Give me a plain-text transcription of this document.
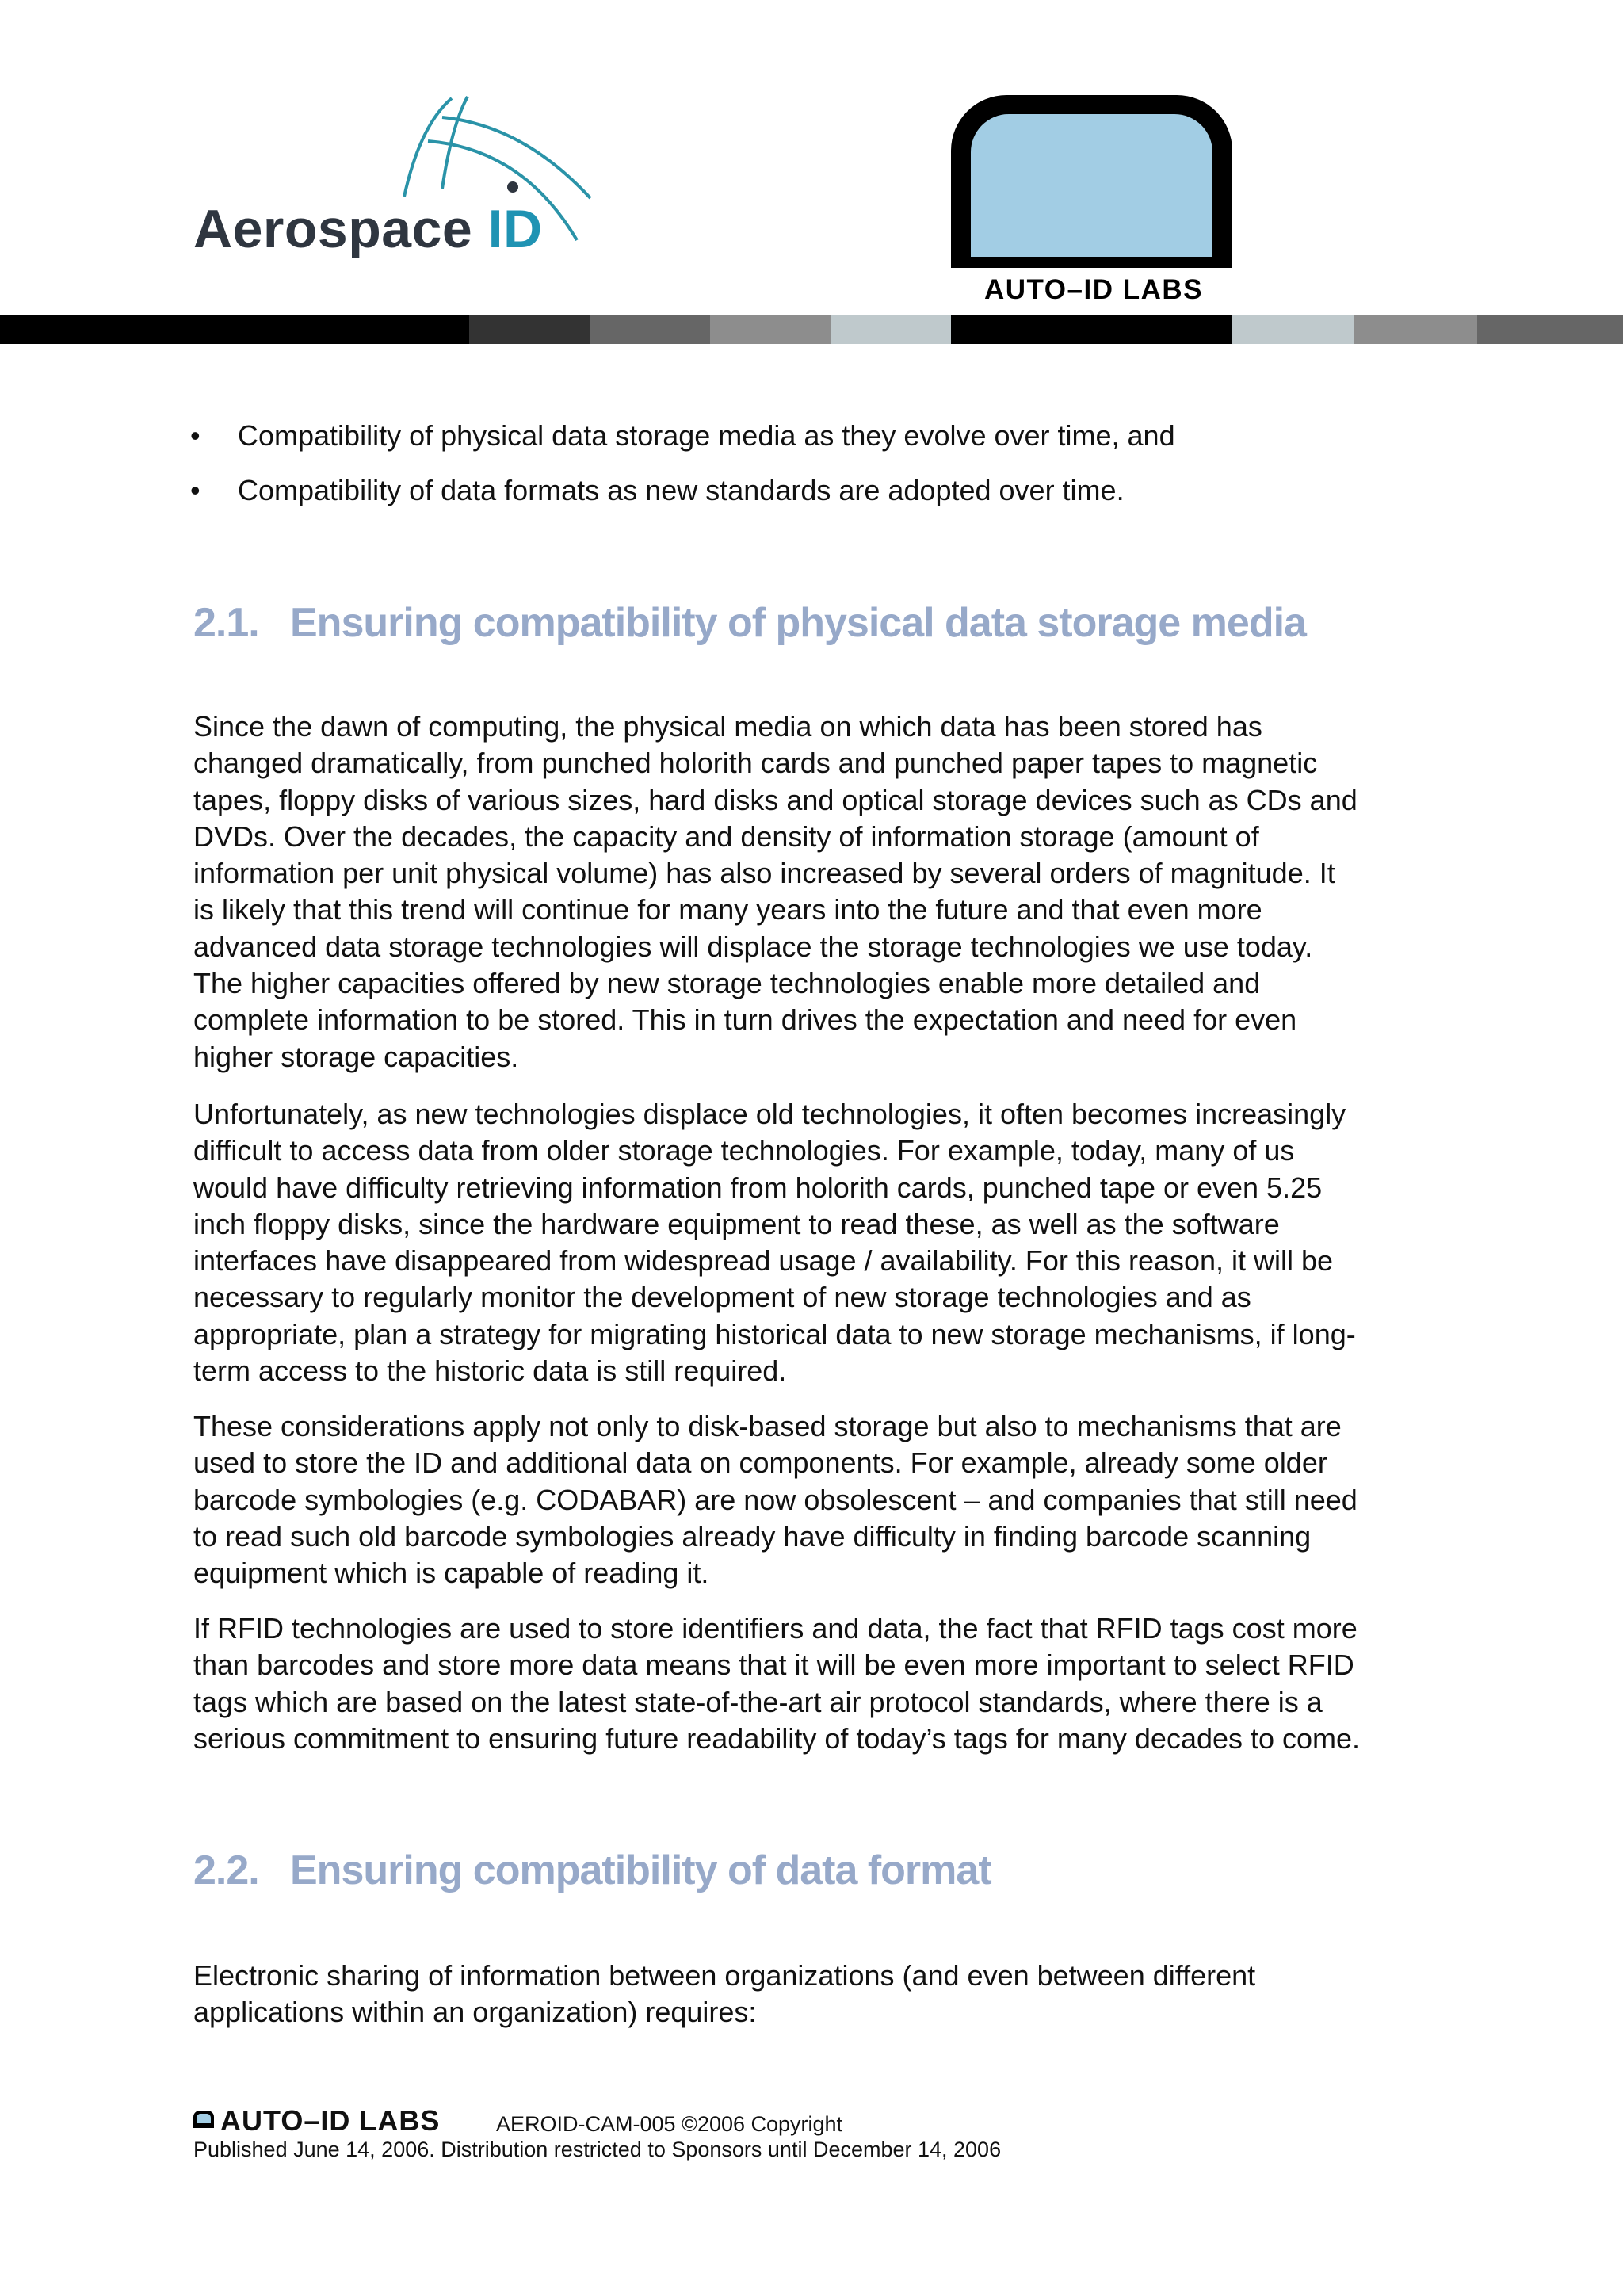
Aerospace ID
AUTO–ID LABS
• Compatibility of physical data storage media as they evolve over time, and
• Compatibility of data formats as new standards are adopted over time.
2.1. Ensuring compatibility of physical data storage media

Since the dawn of computing, the physical media on which data has been stored has
changed dramatically, from punched holorith cards and punched paper tapes to magnetic
tapes, floppy disks of various sizes, hard disks and optical storage devices such as CDs and
DVDs. Over the decades, the capacity and density of information storage (amount of
information per unit physical volume) has also increased by several orders of magnitude. It
is likely that this trend will continue for many years into the future and that even more
advanced data storage technologies will displace the storage technologies we use today.
The higher capacities offered by new storage technologies enable more detailed and
complete information to be stored. This in turn drives the expectation and need for even
higher storage capacities.

Unfortunately, as new technologies displace old technologies, it often becomes increasingly
difficult to access data from older storage technologies. For example, today, many of us
would have difficulty retrieving information from holorith cards, punched tape or even 5.25
inch floppy disks, since the hardware equipment to read these, as well as the software
interfaces have disappeared from widespread usage / availability. For this reason, it will be
necessary to regularly monitor the development of new storage technologies and as
appropriate, plan a strategy for migrating historical data to new storage mechanisms, if long-
term access to the historic data is still required.

These considerations apply not only to disk-based storage but also to mechanisms that are
used to store the ID and additional data on components. For example, already some older
barcode symbologies (e.g. CODABAR) are now obsolescent – and companies that still need
to read such old barcode symbologies already have difficulty in finding barcode scanning
equipment which is capable of reading it.

If RFID technologies are used to store identifiers and data, the fact that RFID tags cost more
than barcodes and store more data means that it will be even more important to select RFID
tags which are based on the latest state-of-the-art air protocol standards, where there is a
serious commitment to ensuring future readability of today’s tags for many decades to come.

2.2. Ensuring compatibility of data format

Electronic sharing of information between organizations (and even between different
applications within an organization) requires:

AUTO–ID LABS	AEROID-CAM-005 ©2006 Copyright
Published June 14, 2006. Distribution restricted to Sponsors until December 14, 2006
